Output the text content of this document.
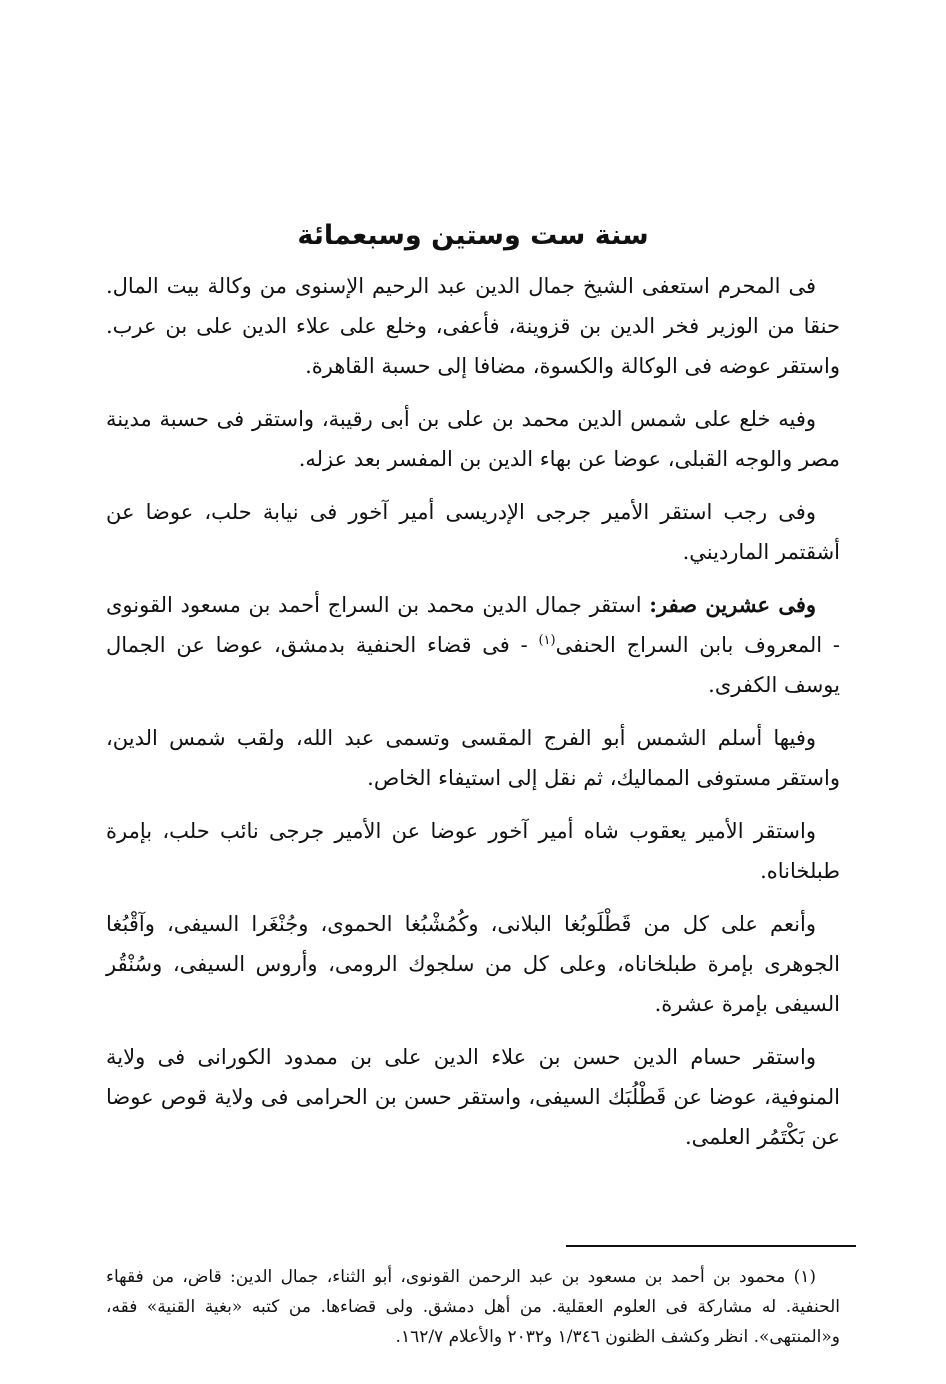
سنة ست وستين وسبعمائة

فى المحرم استعفى الشيخ جمال الدين عبد الرحيم الإسنوى من وكالة بيت المال. حنقا من الوزير فخر الدين بن قزوينة، فأعفى، وخلع على علاء الدين على بن عرب. واستقر عوضه فى الوكالة والكسوة، مضافا إلى حسبة القاهرة.

وفيه خلع على شمس الدين محمد بن على بن أبى رقيبة، واستقر فى حسبة مدينة مصر والوجه القبلى، عوضا عن بهاء الدين بن المفسر بعد عزله.

وفى رجب استقر الأمير جرجى الإدريسى أمير آخور فى نيابة حلب، عوضا عن أشقتمر المارديني.

وفى عشرين صفر: استقر جمال الدين محمد بن السراج أحمد بن مسعود القونوى - المعروف بابن السراج الحنفى$^{(١)}$ - فى قضاء الحنفية بدمشق، عوضا عن الجمال يوسف الكفرى.

وفيها أسلم الشمس أبو الفرج المقسى وتسمى عبد الله، ولقب شمس الدين، واستقر مستوفى المماليك، ثم نقل إلى استيفاء الخاص.

واستقر الأمير يعقوب شاه أمير آخور عوضا عن الأمير جرجى نائب حلب، بإمرة طبلخاناه.

وأنعم على كل من قَطْلَوبُغا البلانى، وكُمُشْبُغا الحموى، وجُنْغَرا السيفى، وآقْبُغا الجوهرى بإمرة طبلخاناه، وعلى كل من سلجوك الرومى، وأروس السيفى، وسُنْقُر السيفى بإمرة عشرة.

واستقر حسام الدين حسن بن علاء الدين على بن ممدود الكورانى فى ولاية المنوفية، عوضا عن قَطْلُبَك السيفى، واستقر حسن بن الحرامى فى ولاية قوص عوضا عن بَكْتَمُر العلمى.

(١) محمود بن أحمد بن مسعود بن عبد الرحمن القونوى، أبو الثناء، جمال الدين: قاض، من فقهاء الحنفية. له مشاركة فى العلوم العقلية. من أهل دمشق. ولى قضاءها. من كتبه «بغية القنية» فقه، و«المنتهى». انظر وكشف الظنون ١/٣٤٦ و٢٠٣٢ والأعلام ١٦٢/٧.
